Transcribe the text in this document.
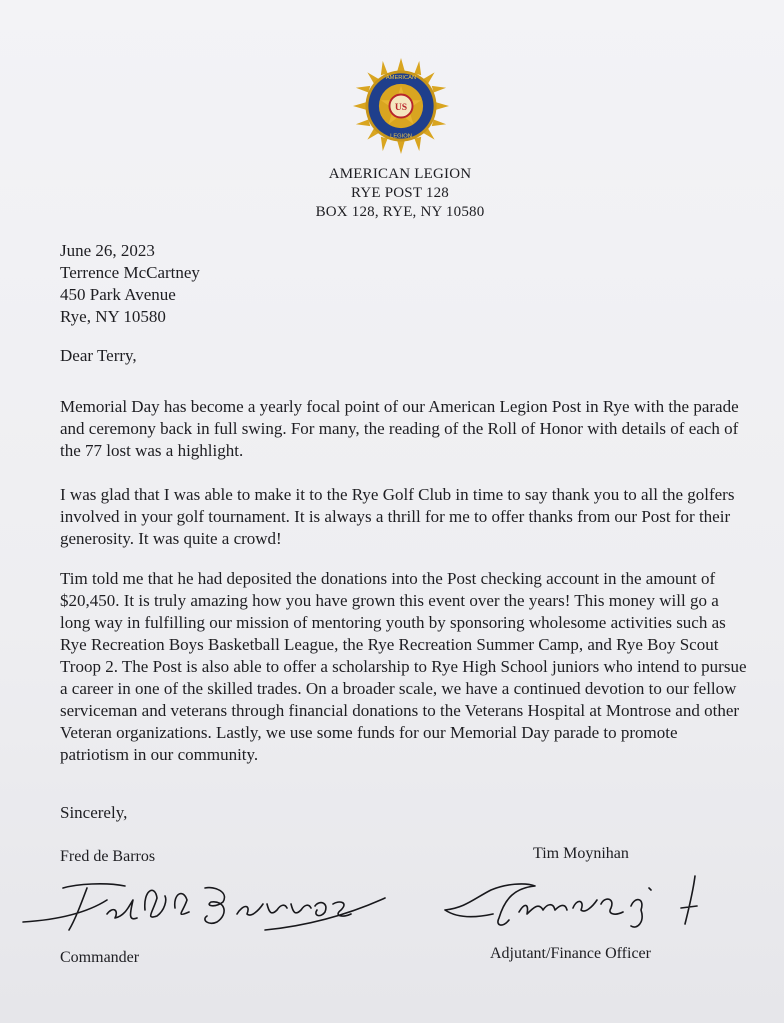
US
AMERICAN
LEGION
AMERICAN LEGION
RYE POST 128
BOX 128, RYE, NY 10580
June 26, 2023
Terrence McCartney
450 Park Avenue
Rye, NY 10580
Dear Terry,

Memorial Day has become a yearly focal point of our American Legion Post in Rye with the parade and ceremony back in full swing. For many, the reading of the Roll of Honor with details of each of the 77 lost was a highlight.

I was glad that I was able to make it to the Rye Golf Club in time to say thank you to all the golfers involved in your golf tournament. It is always a thrill for me to offer thanks from our Post for their generosity. It was quite a crowd!

Tim told me that he had deposited the donations into the Post checking account in the amount of $20,450. It is truly amazing how you have grown this event over the years! This money will go a long way in fulfilling our mission of mentoring youth by sponsoring wholesome activities such as Rye Recreation Boys Basketball League, the Rye Recreation Summer Camp, and Rye Boy Scout Troop 2. The Post is also able to offer a scholarship to Rye High School juniors who intend to pursue a career in one of the skilled trades. On a broader scale, we have a continued devotion to our fellow serviceman and veterans through financial donations to the Veterans Hospital at Montrose and other Veteran organizations. Lastly, we use some funds for our Memorial Day parade to promote patriotism in our community.

Sincerely,
Fred de Barros	Tim Moynihan
Commander	Adjutant/Finance Officer
